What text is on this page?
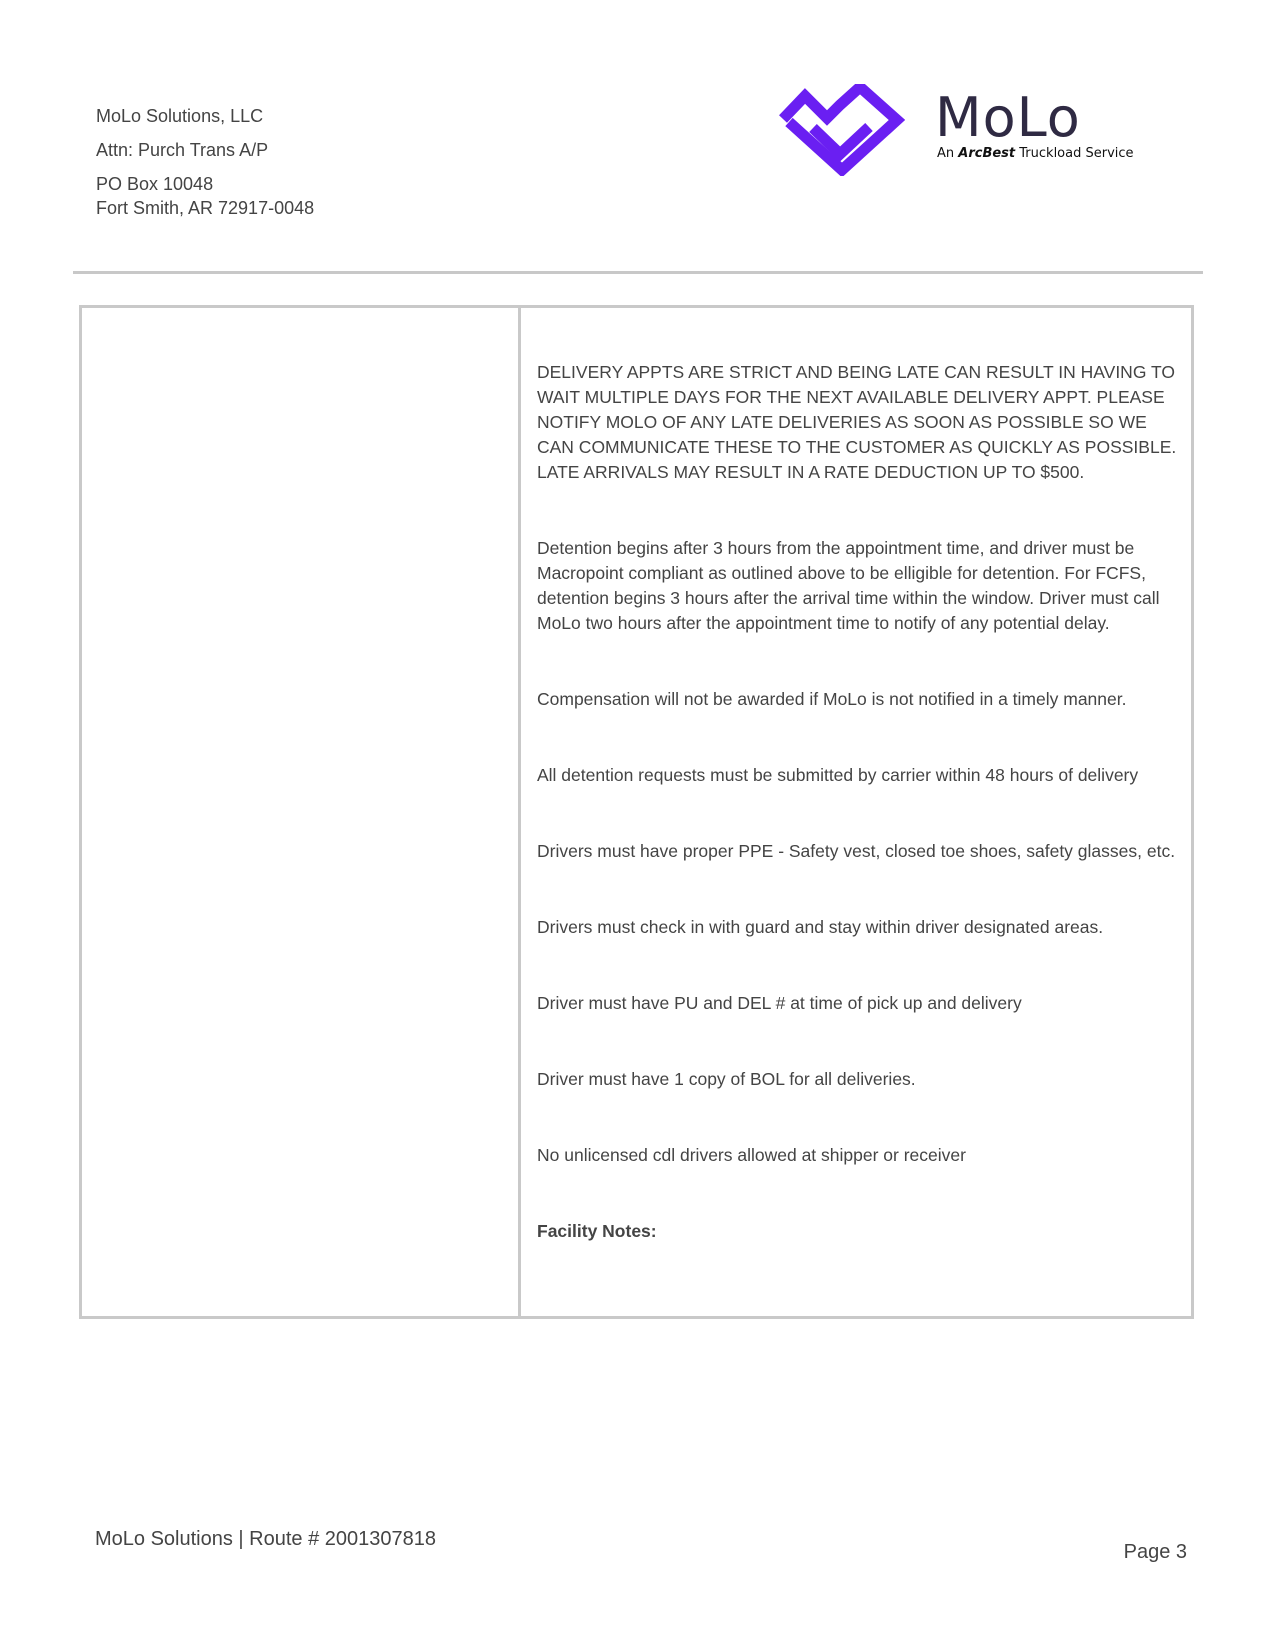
MoLo Solutions, LLC
Attn: Purch Trans A/P
PO Box 10048
Fort Smith, AR 72917-0048
MoLo
An ArcBest Truckload Service

DELIVERY APPTS ARE STRICT AND BEING LATE CAN RESULT IN HAVING TO WAIT MULTIPLE DAYS FOR THE NEXT AVAILABLE DELIVERY APPT. PLEASE NOTIFY MOLO OF ANY LATE DELIVERIES AS SOON AS POSSIBLE SO WE CAN COMMUNICATE THESE TO THE CUSTOMER AS QUICKLY AS POSSIBLE. LATE ARRIVALS MAY RESULT IN A RATE DEDUCTION UP TO $500.

Detention begins after 3 hours from the appointment time, and driver must be Macropoint compliant as outlined above to be elligible for detention. For FCFS, detention begins 3 hours after the arrival time within the window. Driver must call MoLo two hours after the appointment time to notify of any potential delay.

Compensation will not be awarded if MoLo is not notified in a timely manner.

All detention requests must be submitted by carrier within 48 hours of delivery

Drivers must have proper PPE - Safety vest, closed toe shoes, safety glasses, etc.

Drivers must check in with guard and stay within driver designated areas.

Driver must have PU and DEL # at time of pick up and delivery

Driver must have 1 copy of BOL for all deliveries.

No unlicensed cdl drivers allowed at shipper or receiver

Facility Notes:

MoLo Solutions | Route # 2001307818
Page 3
